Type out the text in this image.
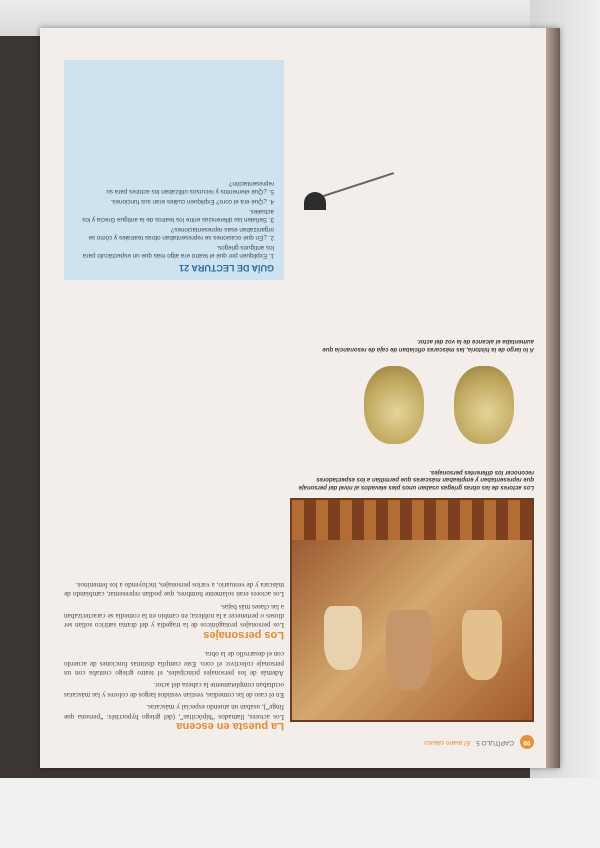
99
CAPÍTULO 5
El teatro clásico

Los actores de las obras griegas usaban unos pies elevados al nivel del personaje que representaban y empleaban máscaras que permitían a los espectadores reconocer los diferentes personajes.

A lo largo de la historia, las máscaras oficiaban de caja de resonancia que aumentaba el alcance de la voz del actor.

La puesta en escena

Los actores, llamados “hipócritas”, (del griego hypocrités: “persona que finge”), usaban un atuendo especial y máscaras.

En el caso de las comedias, vestían vestidos largos de colores y las máscaras ocultaban completamente la cabeza del actor.

Además de los personajes principales, el teatro griego contaba con un personaje colectivo: el coro. Este cumplía distintas funciones de acuerdo con el desarrollo de la obra.

Los personajes

Los personajes protagónicos de la tragedia y del drama satírico solían ser dioses o pertenecer a la nobleza; en cambio en la comedia se caracterizaban a las clases más bajas.

Los actores eran solamente hombres, que podían representar, cambiando de máscara y de vestuario, a varios personajes, incluyendo a los femeninos.

GUÍA DE LECTURA 21

1. Expliquen por qué el teatro era algo más que un espectáculo para los antiguos griegos.

2. ¿En qué ocasiones se representaban obras teatrales y cómo se organizaban esas representaciones?

3. Señalen las diferencias entre los teatros de la antigua Grecia y los actuales.

4. ¿Qué era el coro? Expliquen cuáles eran sus funciones.

5. ¿Qué elementos y recursos utilizaban los actores para su representación?
